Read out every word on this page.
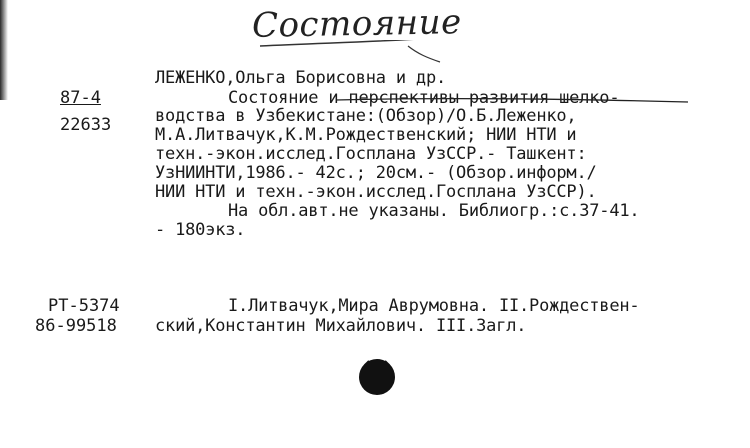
Состояние
87-4
22633
ЛЕЖЕНКО,Ольга Борисовна и др.
Состояние и перспективы развития шелко-
водства в Узбекистане:(Обзор)/О.Б.Леженко,
М.А.Литвачук,К.М.Рождественский; НИИ НТИ и
техн.-экон.исслед.Госплана УзССР.- Ташкент:
УзНИИНТИ,1986.- 42с.; 20см.- (Обзор.информ./
НИИ НТИ и техн.-экон.исслед.Госплана УзССР).
На обл.авт.не указаны. Библиогр.:с.37-41.
- 180экз.
РТ-5374
86-99518
I.Литвачук,Мира Аврумовна. II.Рождествен-
ский,Константин Михайлович. III.Загл.
